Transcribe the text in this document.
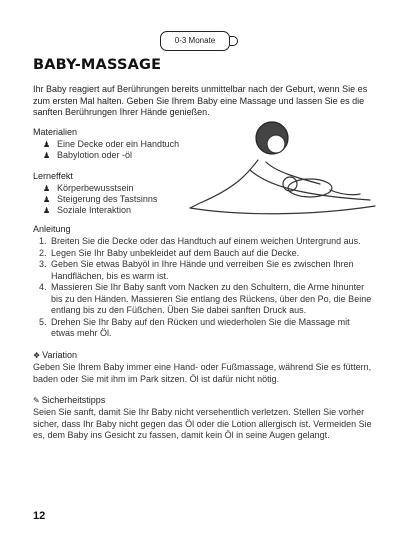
0-3 Monate
BABY-MASSAGE

Ihr Baby reagiert auf Berührungen bereits unmittelbar nach der Geburt, wenn Sie es zum ersten Mal halten. Geben Sie Ihrem Baby eine Massage und lassen Sie es die sanften Berührungen Ihrer Hände genießen.

Materialien

♟ Eine Decke oder ein Handtuch
♟ Babylotion oder -öl

Lerneffekt

♟ Körperbewusstsein
♟ Steigerung des Tastsinns
♟ Soziale Interaktion

Anleitung

1. Breiten Sie die Decke oder das Handtuch auf einem weichen Untergrund aus.
2. Legen Sie Ihr Baby unbekleidet auf dem Bauch auf die Decke.
3. Geben Sie etwas Babyöl in Ihre Hände und verreiben Sie es zwischen Ihren Handflächen, bis es warm ist.
4. Massieren Sie Ihr Baby sanft vom Nacken zu den Schultern, die Arme hinunter bis zu den Händen. Massieren Sie entlang des Rückens, über den Po, die Beine entlang bis zu den Füßchen. Üben Sie dabei sanften Druck aus.
5. Drehen Sie Ihr Baby auf den Rücken und wiederholen Sie die Massage mit etwas mehr Öl.

❖ Variation

Geben Sie Ihrem Baby immer eine Hand- oder Fußmassage, während Sie es füttern, baden oder Sie mit ihm im Park sitzen. Öl ist dafür nicht nötig.

✎ Sicherheitstipps

Seien Sie sanft, damit Sie Ihr Baby nicht versehentlich verletzen. Stellen Sie vorher sicher, dass Ihr Baby nicht gegen das Öl oder die Lotion allergisch ist. Vermeiden Sie es, dem Baby ins Gesicht zu fassen, damit kein Öl in seine Augen gelangt.

12
